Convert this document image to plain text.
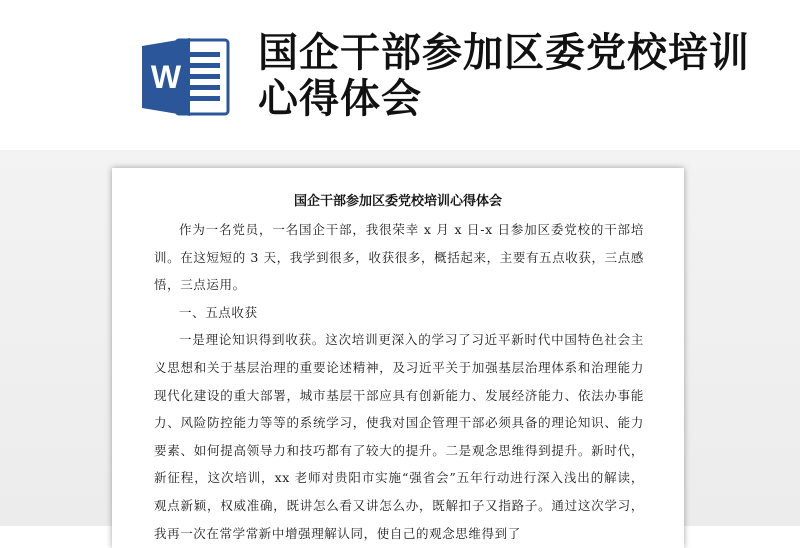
W
国企干部参加区委党校培训心得体会
国企干部参加区委党校培训心得体会

作为一名党员，一名国企干部，我很荣幸 x 月 x 日-x 日参加区委党校的干部培训。在这短短的 3 天，我学到很多，收获很多，概括起来，主要有五点收获，三点感悟，三点运用。

一、五点收获

一是理论知识得到收获。这次培训更深入的学习了习近平新时代中国特色社会主义思想和关于基层治理的重要论述精神，及习近平关于加强基层治理体系和治理能力现代化建设的重大部署，城市基层干部应具有创新能力、发展经济能力、依法办事能力、风险防控能力等等的系统学习，使我对国企管理干部必须具备的理论知识、能力要素、如何提高领导力和技巧都有了较大的提升。二是观念思维得到提升。新时代，新征程，这次培训，xx 老师对贵阳市实施“强省会”五年行动进行深入浅出的解读，观点新颖，权威准确，既讲怎么看又讲怎么办，既解扣子又指路子。通过这次学习，我再一次在常学常新中增强理解认同，使自己的观念思维得到了
